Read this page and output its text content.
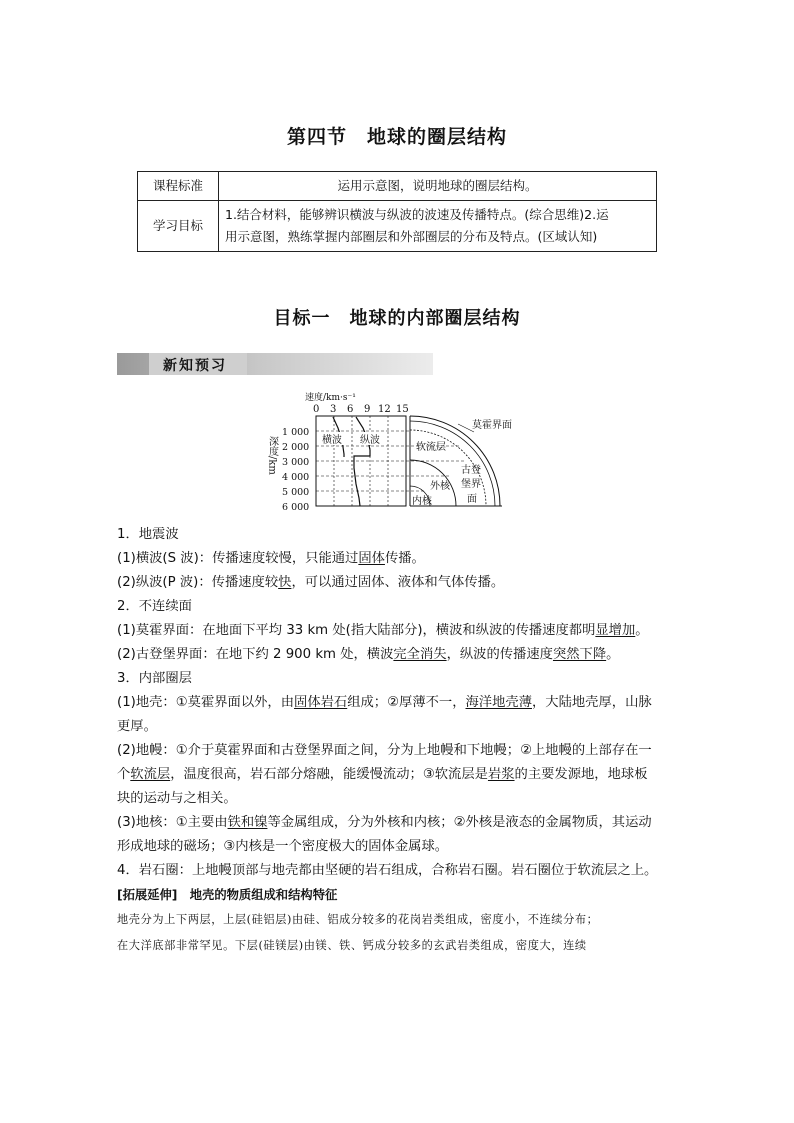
第四节　地球的圈层结构
课程标准	运用示意图，说明地球的圈层结构。
学习目标	1.结合材料，能够辨识横波与纵波的波速及传播特点。(综合思维)2.运
用示意图，熟练掌握内部圈层和外部圈层的分布及特点。(区域认知)
目标一　地球的内部圈层结构
新知预习
速度/km·s⁻¹
0 3 6 9 12 15
1 000
2 000
3 000
4 000
5 000
6 000
深度/km	横波 纵波
莫霍界面
软流层
古登
堡界
面
外核
内核

1．地震波

(1)横波(S 波)：传播速度较慢，只能通过固体传播。

(2)纵波(P 波)：传播速度较快，可以通过固体、液体和气体传播。

2．不连续面

(1)莫霍界面：在地面下平均 33 km 处(指大陆部分)，横波和纵波的传播速度都明显增加。

(2)古登堡界面：在地下约 2 900 km 处，横波完全消失，纵波的传播速度突然下降。

3．内部圈层

(1)地壳：①莫霍界面以外，由固体岩石组成；②厚薄不一，海洋地壳薄，大陆地壳厚，山脉

更厚。

(2)地幔：①介于莫霍界面和古登堡界面之间，分为上地幔和下地幔；②上地幔的上部存在一

个软流层，温度很高，岩石部分熔融，能缓慢流动；③软流层是岩浆的主要发源地，地球板

块的运动与之相关。

(3)地核：①主要由铁和镍等金属组成，分为外核和内核；②外核是液态的金属物质，其运动

形成地球的磁场；③内核是一个密度极大的固体金属球。

4．岩石圈：上地幔顶部与地壳都由坚硬的岩石组成，合称岩石圈。岩石圈位于软流层之上。

[拓展延伸]　地壳的物质组成和结构特征

地壳分为上下两层，上层(硅铝层)由硅、铝成分较多的花岗岩类组成，密度小，不连续分布；

在大洋底部非常罕见。下层(硅镁层)由镁、铁、钙成分较多的玄武岩类组成，密度大，连续
